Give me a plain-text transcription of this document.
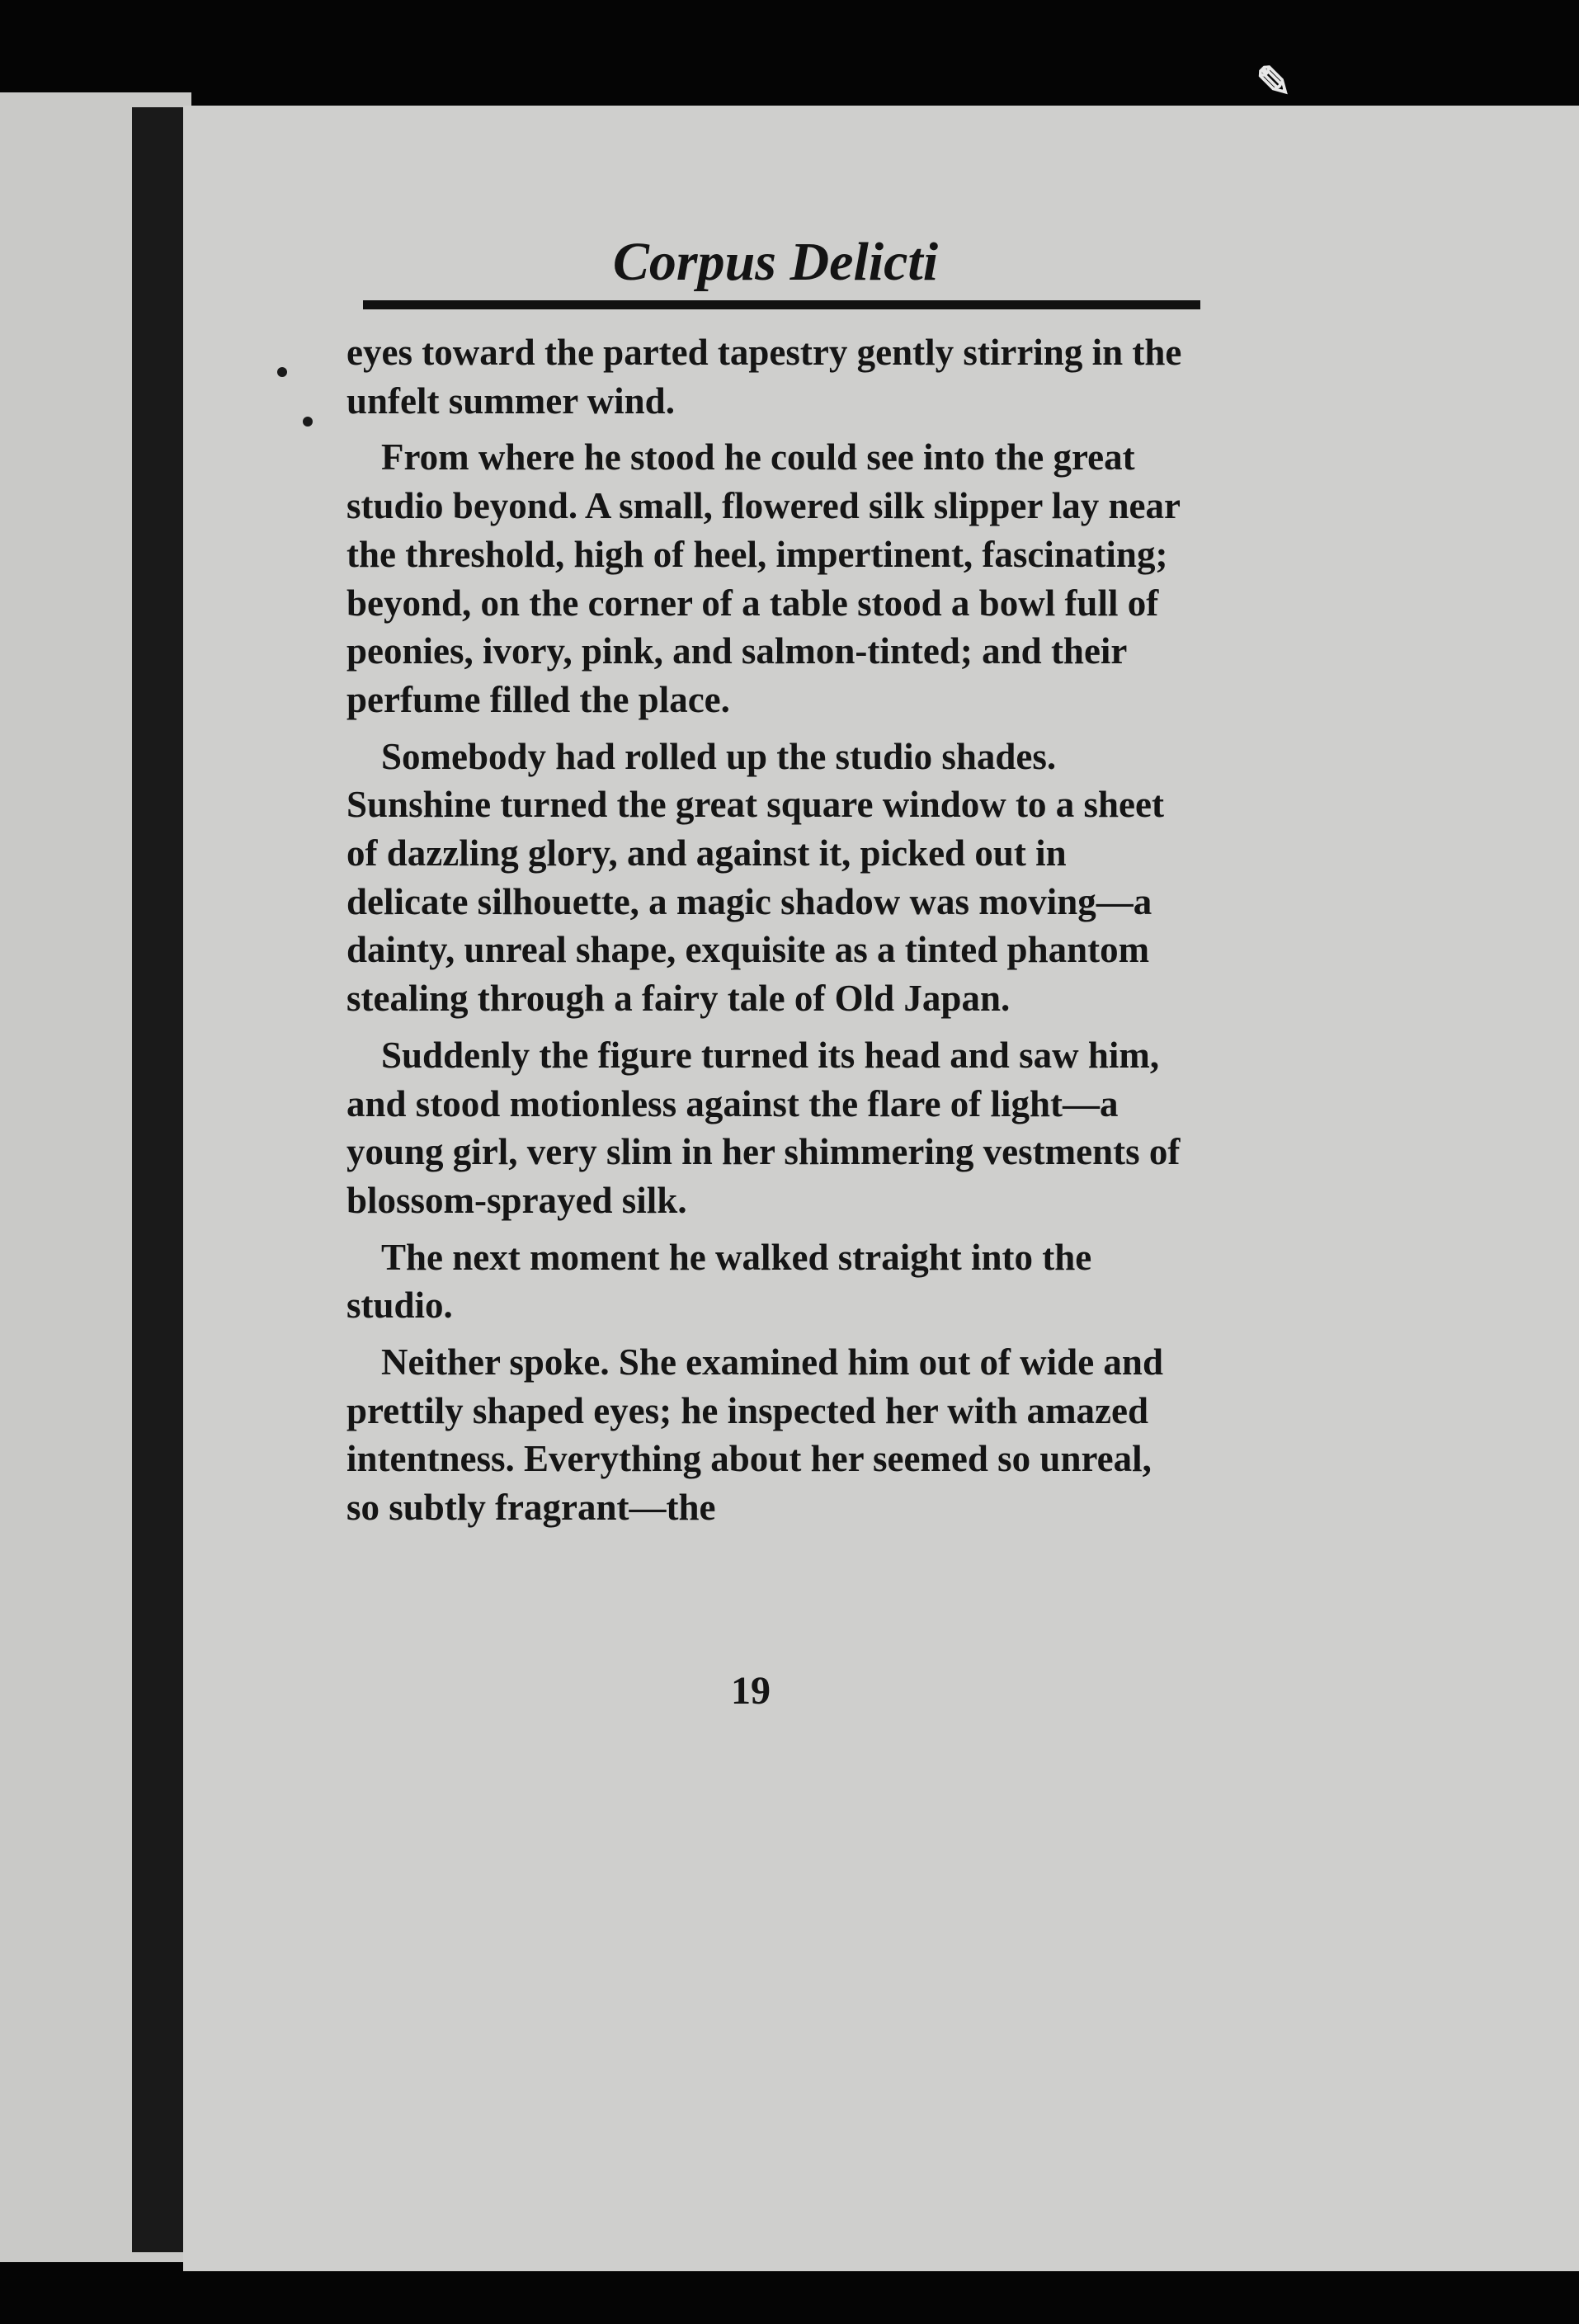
✎
Corpus Delicti

eyes toward the parted tapestry gently stirring in the unfelt summer wind.

From where he stood he could see into the great studio beyond. A small, flowered silk slipper lay near the threshold, high of heel, impertinent, fascinating; beyond, on the corner of a table stood a bowl full of peonies, ivory, pink, and salmon-tinted; and their perfume filled the place.

Somebody had rolled up the studio shades. Sunshine turned the great square window to a sheet of dazzling glory, and against it, picked out in delicate silhouette, a magic shadow was moving—a dainty, unreal shape, exquisite as a tinted phantom stealing through a fairy tale of Old Japan.

Suddenly the figure turned its head and saw him, and stood motionless against the flare of light—a young girl, very slim in her shimmering vestments of blossom-sprayed silk.

The next moment he walked straight into the studio.

Neither spoke. She examined him out of wide and prettily shaped eyes; he inspected her with amazed intentness. Everything about her seemed so unreal, so subtly fragrant—the

19
